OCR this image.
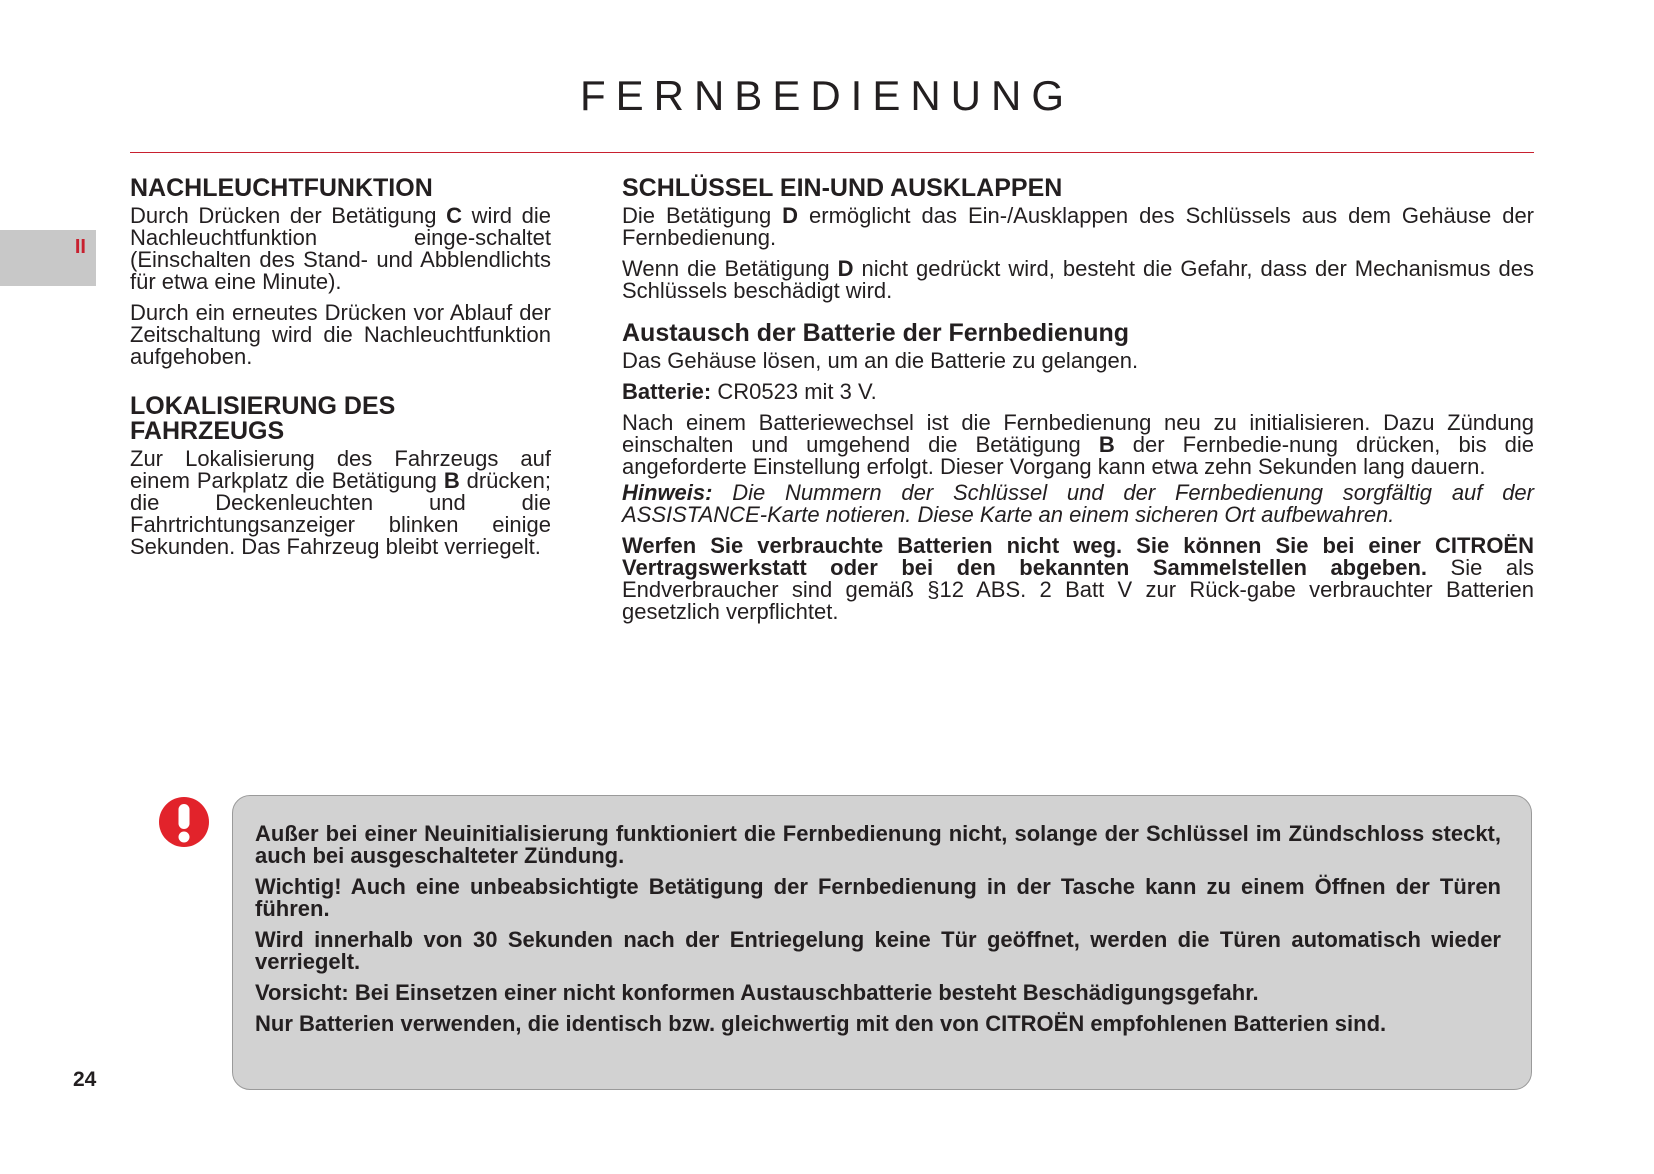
FERNBEDIENUNG
II
NACHLEUCHTFUNKTION

Durch Drücken der Betätigung C wird die Nachleuchtfunktion einge-schaltet (Einschalten des Stand- und Abblendlichts für etwa eine Minute).

Durch ein erneutes Drücken vor Ablauf der Zeitschaltung wird die Nachleuchtfunktion aufgehoben.

LOKALISIERUNG DES FAHRZEUGS

Zur Lokalisierung des Fahrzeugs auf einem Parkplatz die Betätigung B drücken; die Deckenleuchten und die Fahrtrichtungsanzeiger blinken einige Sekunden. Das Fahrzeug bleibt verriegelt.

SCHLÜSSEL EIN-UND AUSKLAPPEN

Die Betätigung D ermöglicht das Ein-/Ausklappen des Schlüssels aus dem Gehäuse der Fernbedienung.

Wenn die Betätigung D nicht gedrückt wird, besteht die Gefahr, dass der Mechanismus des Schlüssels beschädigt wird.

Austausch der Batterie der Fernbedienung

Das Gehäuse lösen, um an die Batterie zu gelangen.

Batterie: CR0523 mit 3 V.

Nach einem Batteriewechsel ist die Fernbedienung neu zu initialisieren. Dazu Zündung einschalten und umgehend die Betätigung B der Fernbedie-nung drücken, bis die angeforderte Einstellung erfolgt. Dieser Vorgang kann etwa zehn Sekunden lang dauern.

Hinweis: Die Nummern der Schlüssel und der Fernbedienung sorgfältig auf der ASSISTANCE-Karte notieren. Diese Karte an einem sicheren Ort aufbewahren.

Werfen Sie verbrauchte Batterien nicht weg. Sie können Sie bei einer CITROËN Vertragswerkstatt oder bei den bekannten Sammelstellen abgeben. Sie als Endverbraucher sind gemäß §12 ABS. 2 Batt V zur Rück-gabe verbrauchter Batterien gesetzlich verpflichtet.

Außer bei einer Neuinitialisierung funktioniert die Fernbedienung nicht, solange der Schlüssel im Zündschloss steckt, auch bei ausgeschalteter Zündung.

Wichtig! Auch eine unbeabsichtigte Betätigung der Fernbedienung in der Tasche kann zu einem Öffnen der Türen führen.

Wird innerhalb von 30 Sekunden nach der Entriegelung keine Tür geöffnet, werden die Türen automatisch wieder verriegelt.

Vorsicht: Bei Einsetzen einer nicht konformen Austauschbatterie besteht Beschädigungsgefahr.

Nur Batterien verwenden, die identisch bzw. gleichwertig mit den von CITROËN empfohlenen Batterien sind.

24
